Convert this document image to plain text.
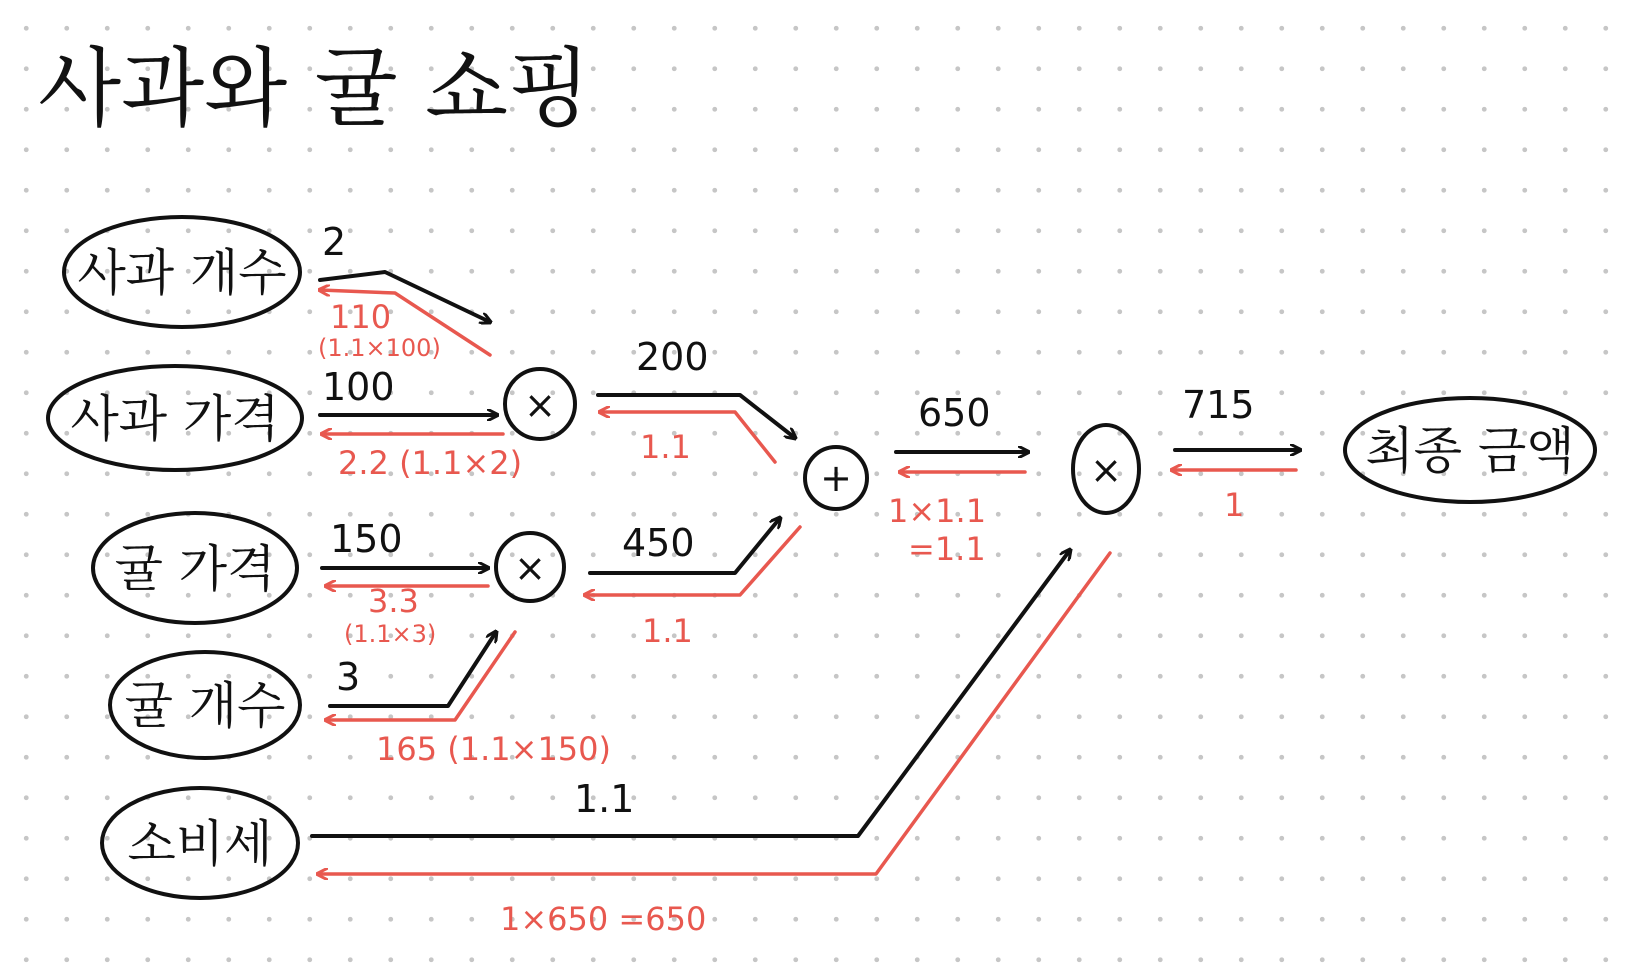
사과와 귤 쇼핑
사과 개수
사과 가격
귤 가격
귤 개수
소비세
최종 금액
×
×
+	×
2
100
150
3
200
450
650	715
1.1
110
(1.1×100)
2.2 (1.1×2)
3.3
(1.1×3)
165 (1.1×150)
1.1
1.1
1×1.1
=1.1
1
1×650 =650
